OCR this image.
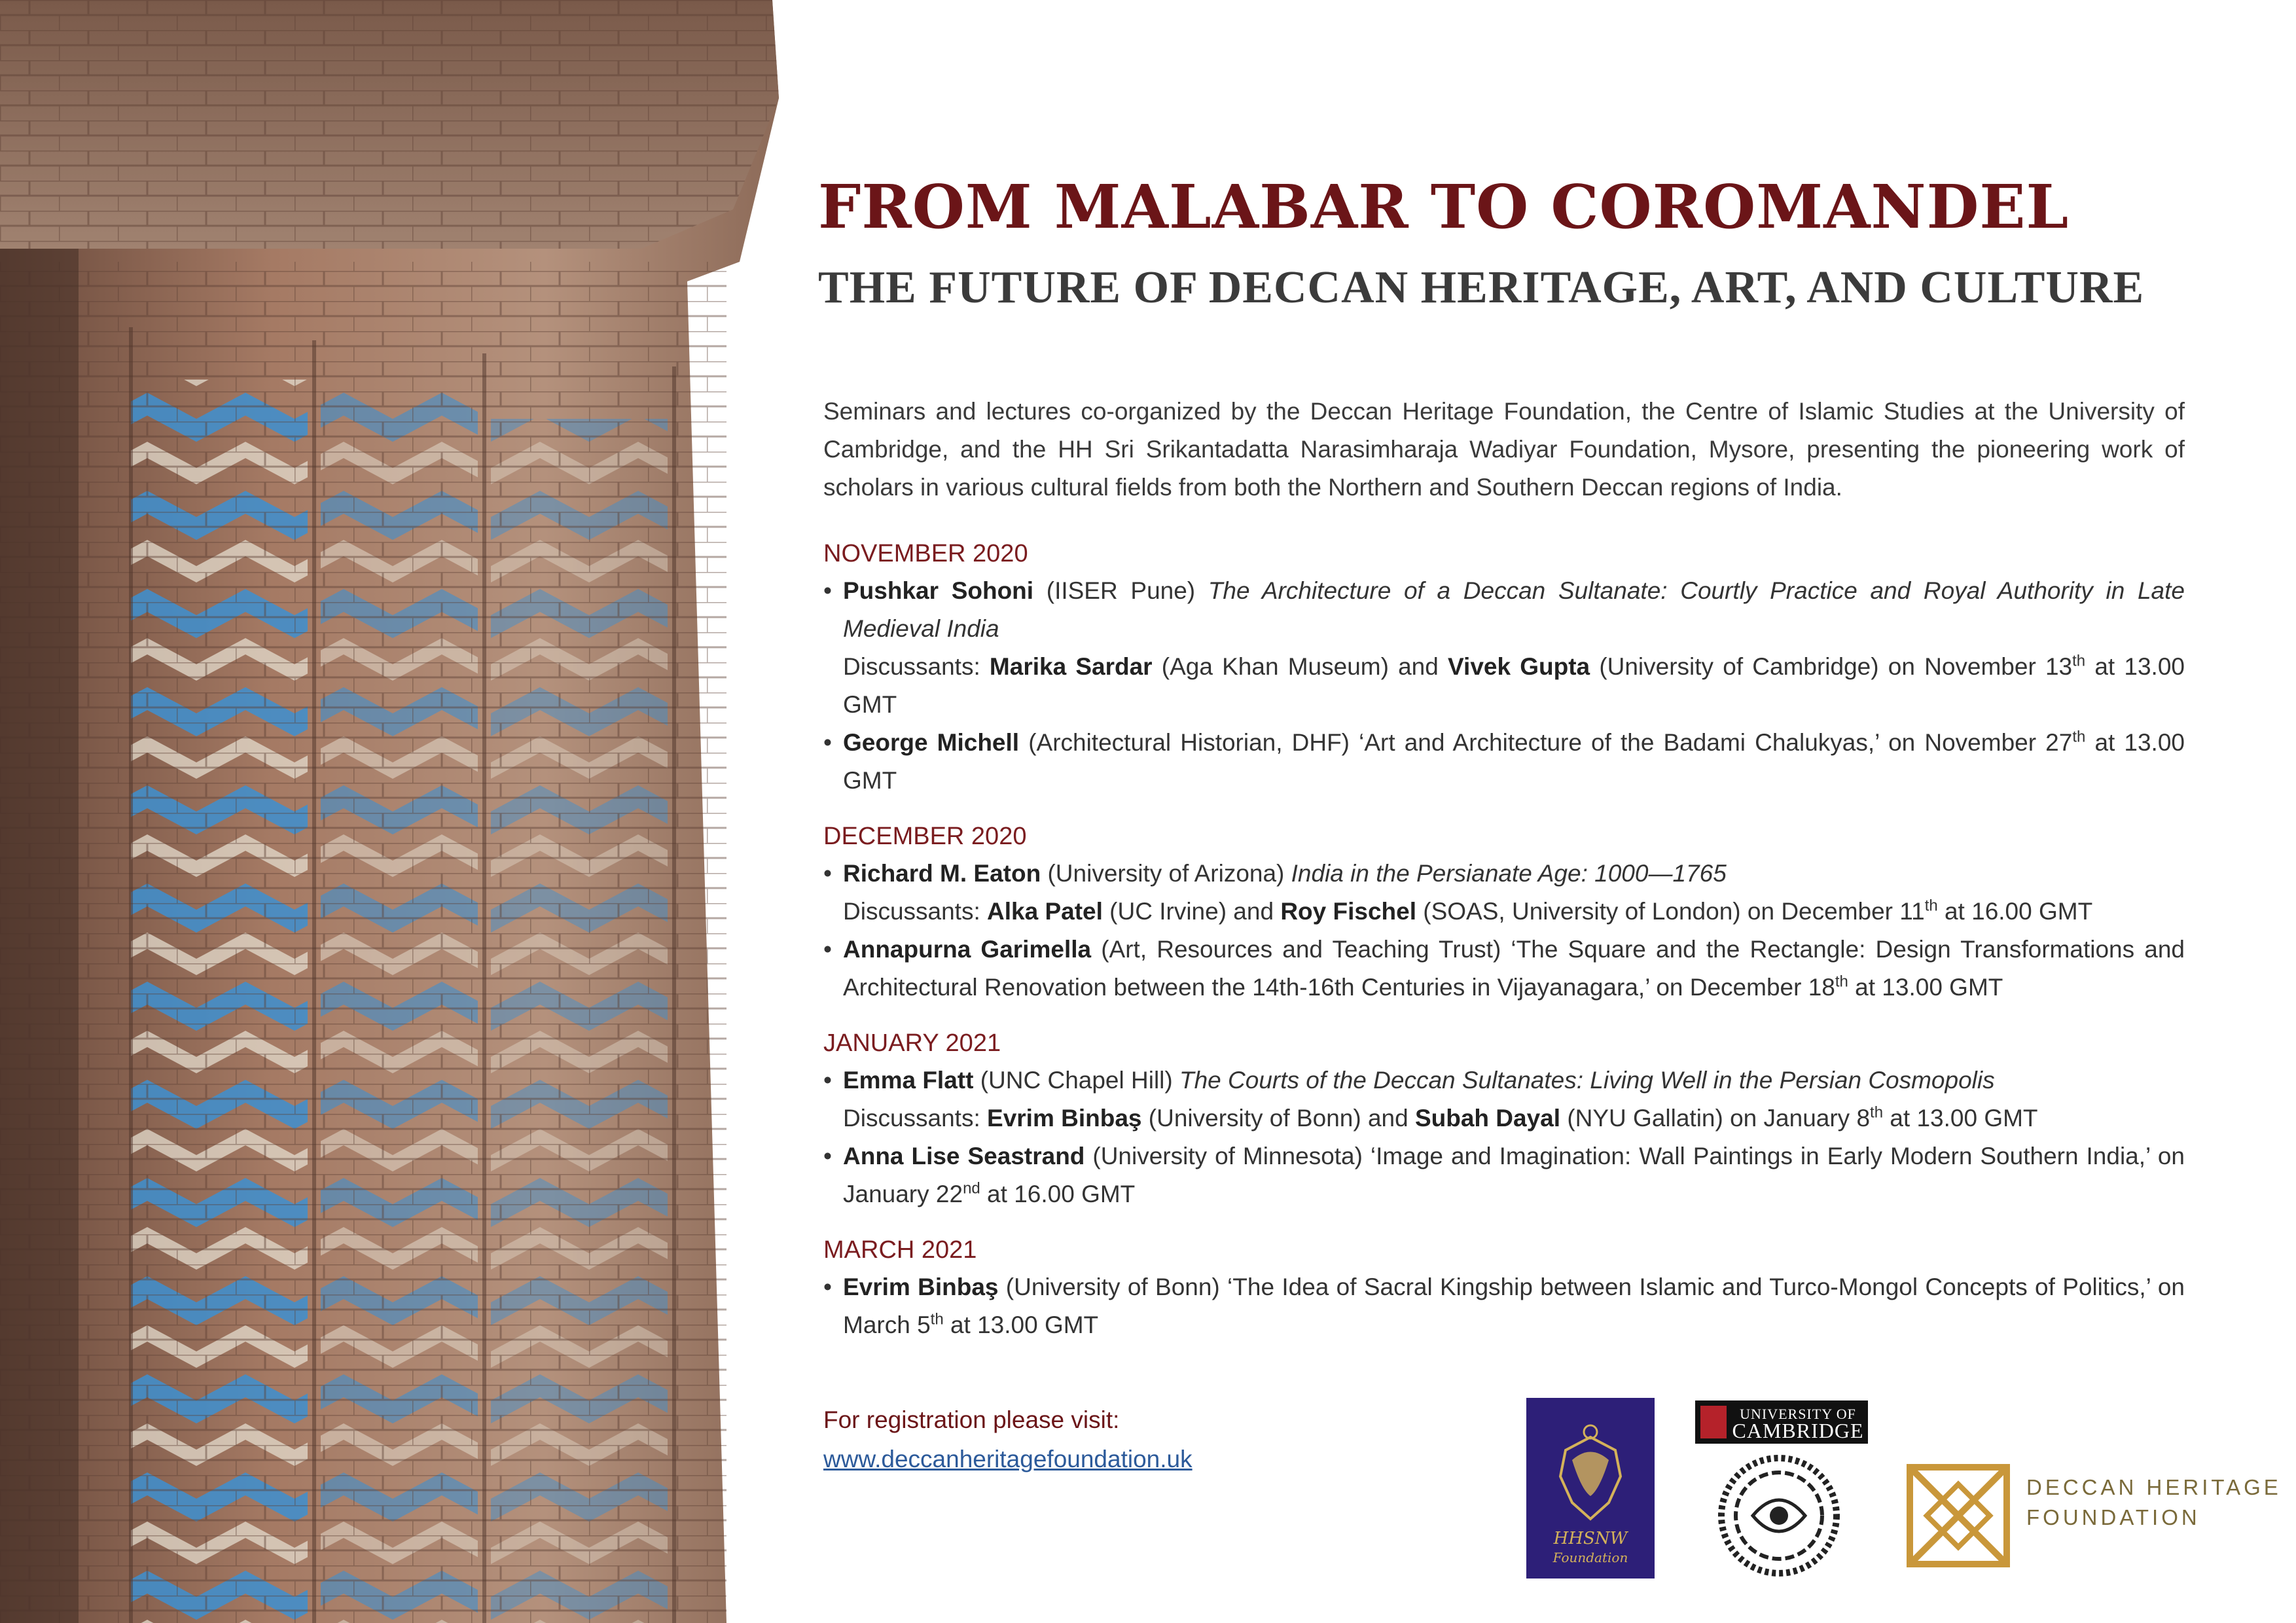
FROM MALABAR TO COROMANDEL
THE FUTURE OF DECCAN HERITAGE, ART, AND CULTURE

Seminars and lectures co-organized by the Deccan Heritage Foundation, the Centre of Islamic Studies at the University of Cambridge, and the HH Sri Srikantadatta Narasimharaja Wadiyar Foundation, Mysore, presenting the pioneering work of scholars in various cultural fields from both the Northern and Southern Deccan regions of India.

NOVEMBER 2020
• Pushkar Sohoni (IISER Pune) The Architecture of a Deccan Sultanate: Courtly Practice and Royal Authority in Late Medieval India
Discussants: Marika Sardar (Aga Khan Museum) and Vivek Gupta (University of Cambridge) on November 13th at 13.00 GMT
• George Michell (Architectural Historian, DHF) ‘Art and Architecture of the Badami Chalukyas,’ on November 27th at 13.00 GMT
DECEMBER 2020
• Richard M. Eaton (University of Arizona) India in the Persianate Age: 1000—1765
Discussants: Alka Patel (UC Irvine) and Roy Fischel (SOAS, University of London) on December 11th at 16.00 GMT
• Annapurna Garimella (Art, Resources and Teaching Trust) ‘The Square and the Rectangle: Design Transformations and Architectural Renovation between the 14th-16th Centuries in Vijayanagara,’ on December 18th at 13.00 GMT
JANUARY 2021
• Emma Flatt (UNC Chapel Hill) The Courts of the Deccan Sultanates: Living Well in the Persian Cosmopolis
Discussants: Evrim Binbaş (University of Bonn) and Subah Dayal (NYU Gallatin) on January 8th at 13.00 GMT
• Anna Lise Seastrand (University of Minnesota) ‘Image and Imagination: Wall Paintings in Early Modern Southern India,’ on January 22nd at 16.00 GMT
MARCH 2021
• Evrim Binbaş (University of Bonn) ‘The Idea of Sacral Kingship between Islamic and Turco-Mongol Concepts of Politics,’ on March 5th at 13.00 GMT
For registration please visit:
www.deccanheritagefoundation.uk
HHSNW
Foundation
UNIVERSITY OF
CAMBRIDGE
DECCAN HERITAGE
FOUNDATION
